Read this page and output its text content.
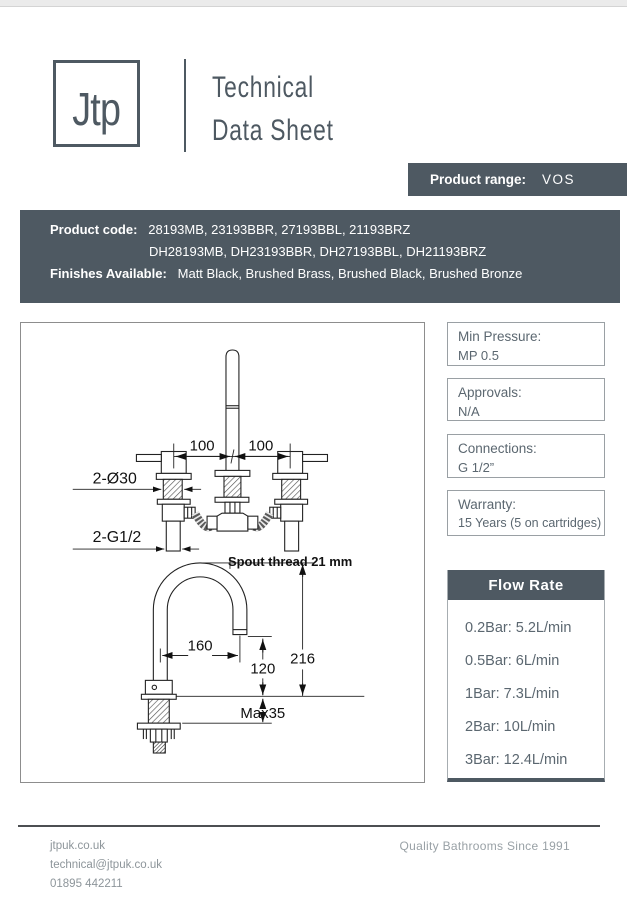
Jtp	Technical
Data Sheet
Product range: VOS
Product code: 28193MB, 23193BBR, 27193BBL, 21193BRZ
DH28193MB, DH23193BBR, DH27193BBL, DH21193BRZ
Finishes Available: Matt Black, Brushed Brass, Brushed Black, Brushed Bronze
100 100
2-Ø30
2-G1/2
Spout thread 21 mm
160
120
216
Max35
Min Pressure:
MP 0.5
Approvals:
N/A
Connections:
G 1/2”
Warranty:
15 Years (5 on cartridges)
Flow Rate
0.2Bar: 5.2L/min
0.5Bar: 6L/min
1Bar: 7.3L/min
2Bar: 10L/min
3Bar: 12.4L/min
jtpuk.co.uk
technical@jtpuk.co.uk
01895 442211
Quality Bathrooms Since 1991
